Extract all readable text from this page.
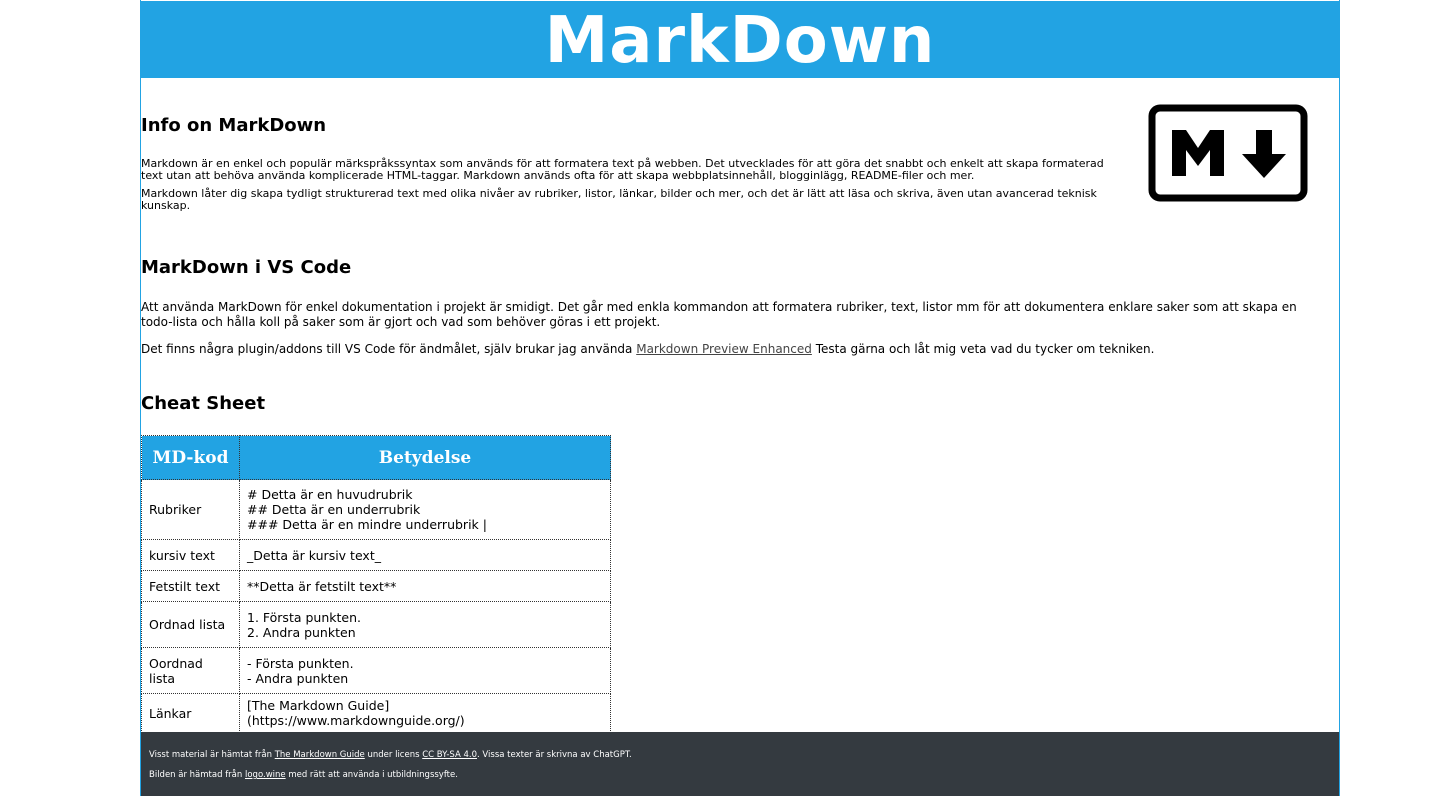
MarkDown
Info on MarkDown

Markdown är en enkel och populär märkspråkssyntax som används för att formatera text på webben. Det utvecklades för att göra det snabbt och enkelt att skapa formaterad text utan att behöva använda komplicerade HTML-taggar. Markdown används ofta för att skapa webbplatsinnehåll, blogginlägg, README-filer och mer.

Markdown låter dig skapa tydligt strukturerad text med olika nivåer av rubriker, listor, länkar, bilder och mer, och det är lätt att läsa och skriva, även utan avancerad teknisk kunskap.

MarkDown i VS Code

Att använda MarkDown för enkel dokumentation i projekt är smidigt. Det går med enkla kommandon att formatera rubriker, text, listor mm för att dokumentera enklare saker som att skapa en todo-lista och hålla koll på saker som är gjort och vad som behöver göras i ett projekt.

Det finns några plugin/addons till VS Code för ändmålet, själv brukar jag använda Markdown Preview Enhanced Testa gärna och låt mig veta vad du tycker om tekniken.

Cheat Sheet
MD-kod	Betydelse
Rubriker	# Detta är en huvudrubrik
## Detta är en underrubrik
### Detta är en mindre underrubrik |

kursiv text	_Detta är kursiv text_

Fetstilt text	**Detta är fetstilt text**

Ordnad lista	1. Första punkten.
2. Andra punkten

Oordnad lista	- Första punkten.
- Andra punkten

Länkar	[The Markdown Guide](https://www.markdownguide.org/)

Visst material är hämtat från The Markdown Guide under licens CC BY-SA 4.0. Vissa texter är skrivna av ChatGPT.

Bilden är hämtad från logo.wine med rätt att använda i utbildningssyfte.
